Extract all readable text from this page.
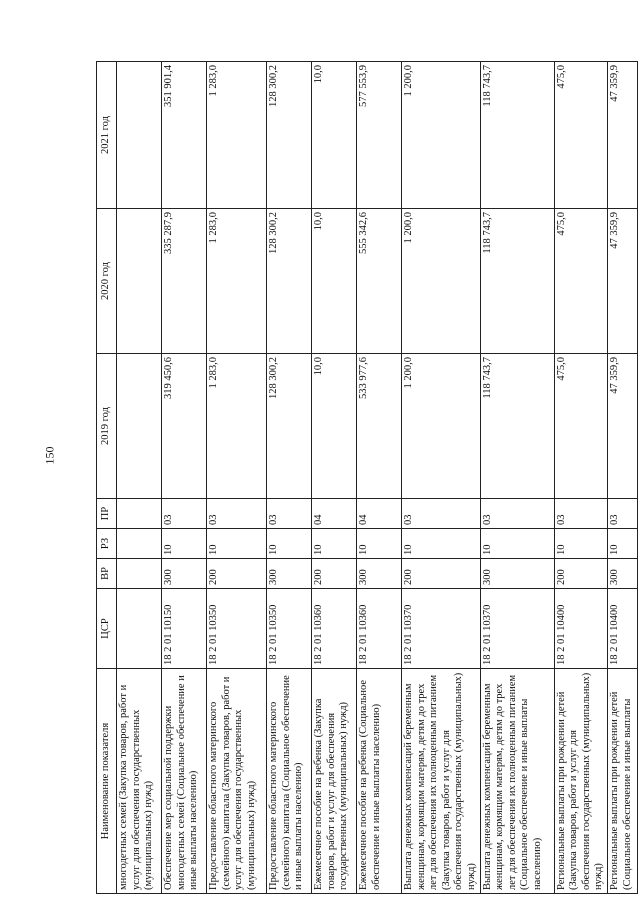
150
Наименование показателя	ЦСР	ВР	РЗ	ПР	2019 год	2020 год	2021 год
многодетных семей (Закупка товаров, работ и услуг для обеспечения государственных (муниципальных) нужд)							
Обеспечение мер социальной поддержки многодетных семей (Социальное обеспечение и иные выплаты населению)	18 2 01 10150	300	10	03	319 450,6	335 287,9	351 901,4
Предоставление областного материнского (семейного) капитала (Закупка товаров, работ и услуг для обеспечения государственных (муниципальных) нужд)	18 2 01 10350	200	10	03	1 283,0	1 283,0	1 283,0
Предоставление областного материнского (семейного) капитала (Социальное обеспечение и иные выплаты населению)	18 2 01 10350	300	10	03	128 300,2	128 300,2	128 300,2
Ежемесячное пособие на ребенка (Закупка товаров, работ и услуг для обеспечения государственных (муниципальных) нужд)	18 2 01 10360	200	10	04	10,0	10,0	10,0
Ежемесячное пособие на ребенка (Социальное обеспечение и иные выплаты населению)	18 2 01 10360	300	10	04	533 977,6	555 342,6	577 553,9
Выплата денежных компенсаций беременным женщинам, кормящим матерям, детям до трех лет для обеспечения их полноценным питанием (Закупка товаров, работ и услуг для обеспечения государственных (муниципальных) нужд)	18 2 01 10370	200	10	03	1 200,0	1 200,0	1 200,0
Выплата денежных компенсаций беременным женщинам, кормящим матерям, детям до трех лет для обеспечения их полноценным питанием (Социальное обеспечение и иные выплаты населению)	18 2 01 10370	300	10	03	118 743,7	118 743,7	118 743,7
Региональные выплаты при рождении детей (Закупка товаров, работ и услуг для обеспечения государственных (муниципальных) нужд)	18 2 01 10400	200	10	03	475,0	475,0	475,0
Региональные выплаты при рождении детей (Социальное обеспечение и иные выплаты	18 2 01 10400	300	10	03	47 359,9	47 359,9	47 359,9
